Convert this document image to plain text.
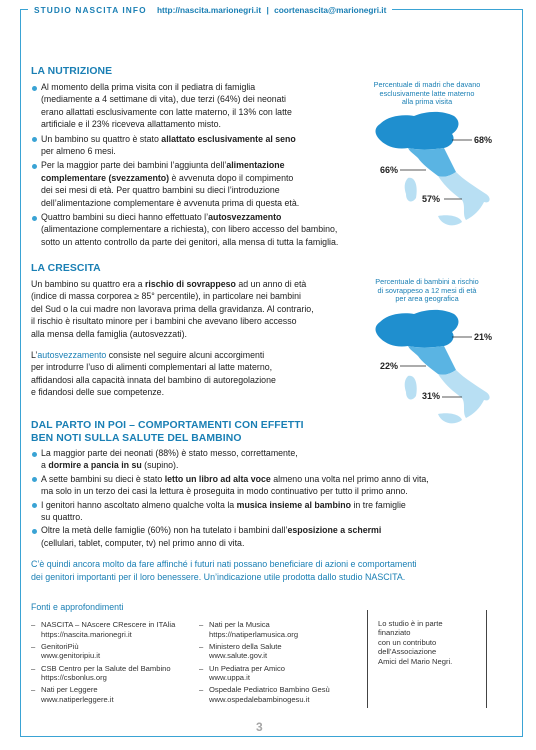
STUDIO NASCITA INFO http://nascita.marionegri.it | coortenascita@marionegri.it
LA NUTRIZIONE
Al momento della prima visita con il pediatra di famiglia
(mediamente a 4 settimane di vita), due terzi (64%) dei neonati
erano allattati esclusivamente con latte materno, il 13% con latte
artificiale e il 23% riceveva allattamento misto.
Un bambino su quattro è stato allattato esclusivamente al seno
per almeno 6 mesi.
Per la maggior parte dei bambini l’aggiunta dell’alimentazione
complementare (svezzamento) è avvenuta dopo il compimento
dei sei mesi di età. Per quattro bambini su dieci l’introduzione
dell’alimentazione complementare è avvenuta prima di questa età.
Quattro bambini su dieci hanno effettuato l’autosvezzamento
(alimentazione complementare a richiesta), con libero accesso del bambino,
sotto un attento controllo da parte dei genitori, alla mensa di tutta la famiglia.
Percentuale di madri che davano
esclusivamente latte materno
alla prima visita
68%
66%
57%
LA CRESCITA
Un bambino su quattro era a rischio di sovrappeso ad un anno di età
(indice di massa corporea ≥ 85° percentile), in particolare nei bambini
del Sud o la cui madre non lavorava prima della gravidanza. Al contrario,
il rischio è risultato minore per i bambini che avevano libero accesso
alla mensa della famiglia (autosvezzati).
L’autosvezzamento consiste nel seguire alcuni accorgimenti
per introdurre l’uso di alimenti complementari al latte materno,
affidandosi alla capacità innata del bambino di autoregolazione
e fidandosi delle sue competenze.
Percentuale di bambini a rischio
di sovrappeso a 12 mesi di età
per area geografica
21%
22%
31%
DAL PARTO IN POI – COMPORTAMENTI CON EFFETTI
BEN NOTI SULLA SALUTE DEL BAMBINO
La maggior parte dei neonati (88%) è stato messo, correttamente,
a dormire a pancia in su (supino).
A sette bambini su dieci è stato letto un libro ad alta voce almeno una volta nel primo anno di vita,
ma solo in un terzo dei casi la lettura è proseguita in modo continuativo per tutto il primo anno.
I genitori hanno ascoltato almeno qualche volta la musica insieme al bambino in tre famiglie
su quattro.
Oltre la metà delle famiglie (60%) non ha tutelato i bambini dall’esposizione a schermi
(cellulari, tablet, computer, tv) nel primo anno di vita.
C’è quindi ancora molto da fare affinché i futuri nati possano beneficiare di azioni e comportamenti
dei genitori importanti per il loro benessere. Un’indicazione utile prodotta dallo studio NASCITA.
Fonti e approfondimenti
– NASCITA – NAscere CRescere in ITAlia
https://nascita.marionegri.it
– GenitoriPiù
www.genitoripiu.it
– CSB Centro per la Salute del Bambino
https://csbonlus.org
– Nati per Leggere
www.natiperleggere.it
– Nati per la Musica
https://natiperlamusica.org
– Ministero della Salute
www.salute.gov.it
– Un Pediatra per Amico
www.uppa.it
– Ospedale Pediatrico Bambino Gesù
www.ospedalebambinogesu.it
Lo studio è in parte
finanziato
con un contributo
dell’Associazione
Amici del Mario Negri.
3
